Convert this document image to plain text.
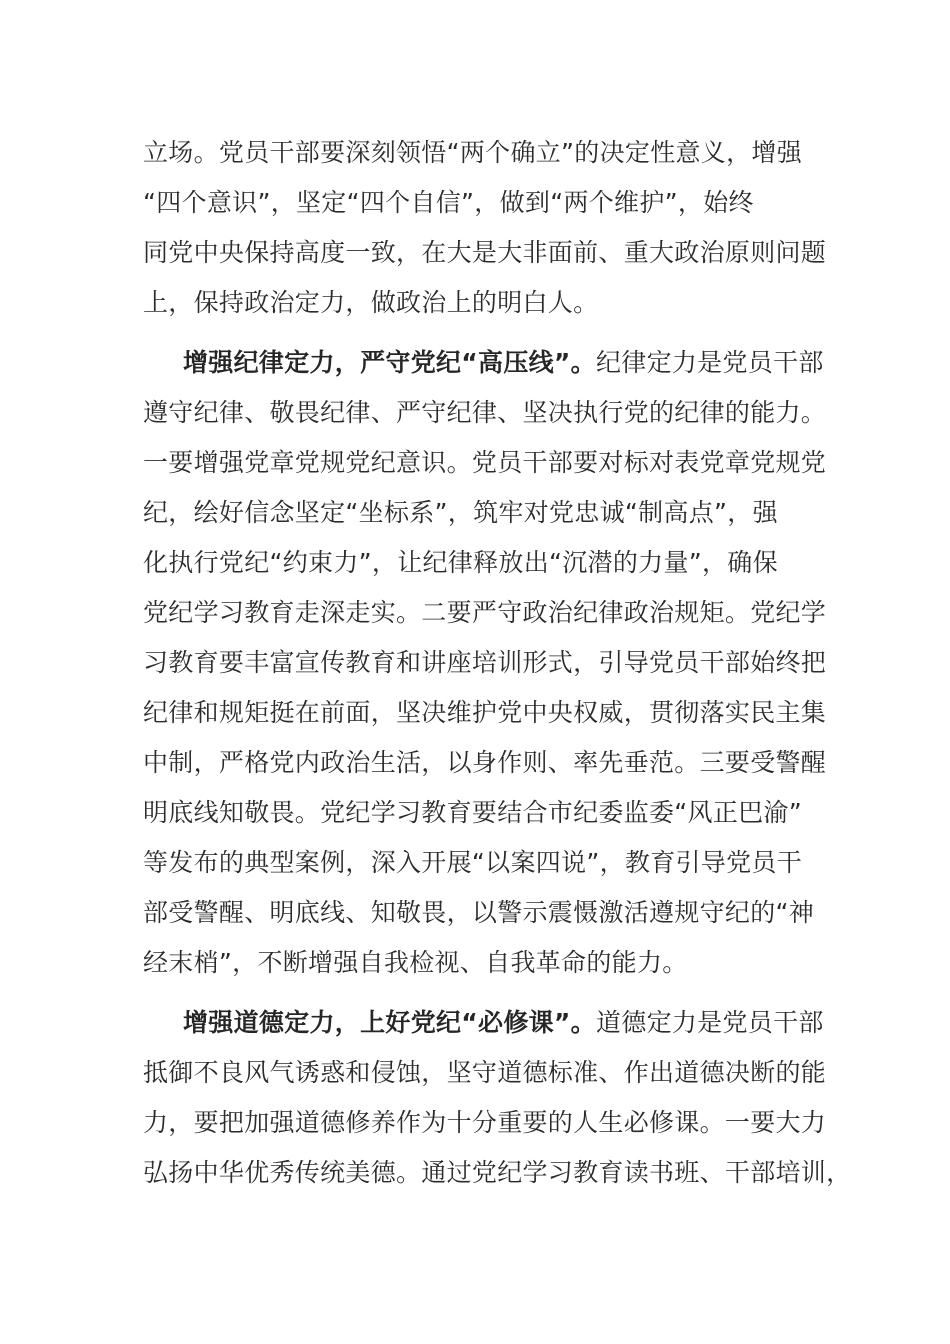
立场。党员干部要深刻领悟“两个确立”的决定性意义，增强
“四个意识”，坚定“四个自信”，做到“两个维护”，始终
同党中央保持高度一致，在大是大非面前、重大政治原则问题
上，保持政治定力，做政治上的明白人。
增强纪律定力，严守党纪“高压线”。纪律定力是党员干部
遵守纪律、敬畏纪律、严守纪律、坚决执行党的纪律的能力。
一要增强党章党规党纪意识。党员干部要对标对表党章党规党
纪，绘好信念坚定“坐标系”，筑牢对党忠诚“制高点”，强
化执行党纪“约束力”，让纪律释放出“沉潜的力量”，确保
党纪学习教育走深走实。二要严守政治纪律政治规矩。党纪学
习教育要丰富宣传教育和讲座培训形式，引导党员干部始终把
纪律和规矩挺在前面，坚决维护党中央权威，贯彻落实民主集
中制，严格党内政治生活，以身作则、率先垂范。三要受警醒
明底线知敬畏。党纪学习教育要结合市纪委监委“风正巴渝”
等发布的典型案例，深入开展“以案四说”，教育引导党员干
部受警醒、明底线、知敬畏，以警示震慑激活遵规守纪的“神
经末梢”，不断增强自我检视、自我革命的能力。
增强道德定力，上好党纪“必修课”。道德定力是党员干部
抵御不良风气诱惑和侵蚀，坚守道德标准、作出道德决断的能
力，要把加强道德修养作为十分重要的人生必修课。一要大力
弘扬中华优秀传统美德。通过党纪学习教育读书班、干部培训，
